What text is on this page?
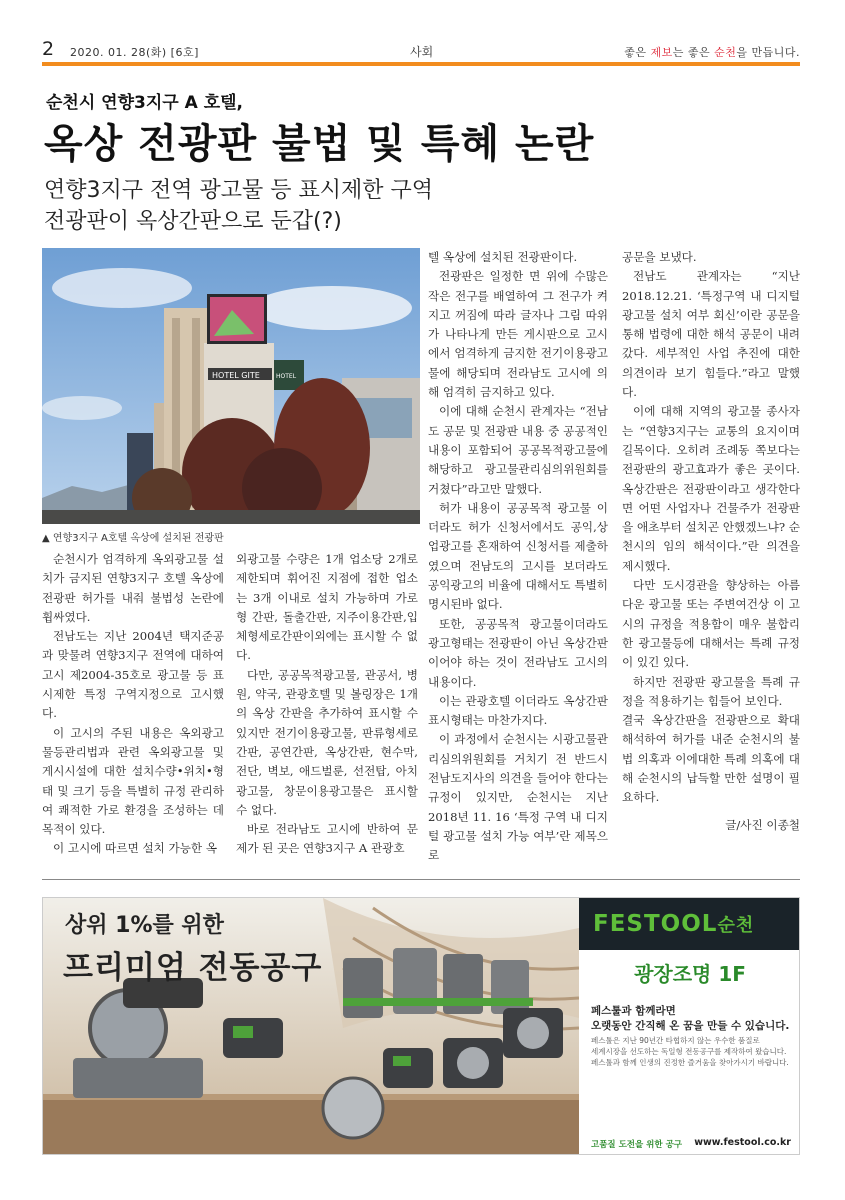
2 2020. 01. 28(화) [6호]	사회	좋은 제보는 좋은 순천을 만듭니다.
순천시 연향3지구 A 호텔,
옥상 전광판 불법 및 특혜 논란
연향3지구 전역 광고물 등 표시제한 구역
전광판이 옥상간판으로 둔갑(?)
HOTEL GITE	HOTEL
▲ 연향3지구 A호텔 옥상에 설치된 전광판

순천시가 엄격하게 옥외광고물 설치가 금지된 연향3지구 호텔 옥상에 전광판 허가를 내줘 불법성 논란에 휩싸였다.

전남도는 지난 2004년 택지준공과 맞물려 연향3지구 전역에 대하여 고시 제2004-35호로 광고물 등 표시제한 특정 구역지정으로 고시했다.

이 고시의 주된 내용은 옥외광고물등관리법과 관련 옥외광고물 및 게시시설에 대한 설치수량•위치•형태 및 크기 등을 특별히 규정 관리하여 쾌적한 가로 환경을 조성하는 데 목적이 있다.

이 고시에 따르면 설치 가능한 옥

외광고물 수량은 1개 업소당 2개로 제한되며 휘어진 지점에 접한 업소는 3개 이내로 설치 가능하며 가로형 간판, 돌출간판, 지주이용간판,입체형세로간판이외에는 표시할 수 없다.

다만, 공공목적광고물, 관공서, 병원, 약국, 관광호텔 및 볼링장은 1개의 옥상 간판을 추가하여 표시할 수 있지만 전기이용광고물, 판류형세로간판, 공연간판, 옥상간판, 현수막, 전단, 벽보, 애드벌룬, 선전탑, 아치 광고물, 창문이용광고물은 표시할 수 없다.

바로 전라남도 고시에 반하여 문제가 된 곳은 연향3지구 A 관광호

텔 옥상에 설치된 전광판이다.

전광판은 일정한 면 위에 수많은 작은 전구를 배열하여 그 전구가 켜지고 꺼짐에 따라 글자나 그림 따위가 나타나게 만든 게시판으로 고시에서 엄격하게 금지한 전기이용광고물에 해당되며 전라남도 고시에 의해 엄격히 금지하고 있다.

이에 대해 순천시 관계자는 “전남도 공문 및 전광판 내용 중 공공적인 내용이 포함되어 공공목적광고물에 해당하고 광고물관리심의위원회를 거쳤다”라고만 말했다.

허가 내용이 공공목적 광고물 이더라도 허가 신청서에서도 공익,상업광고를 혼재하여 신청서를 제출하였으며 전남도의 고시를 보더라도 공익광고의 비율에 대해서도 특별히 명시된바 없다.

또한, 공공목적 광고물이더라도 광고형태는 전광판이 아닌 옥상간판 이어야 하는 것이 전라남도 고시의 내용이다.

이는 관광호텔 이더라도 옥상간판 표시형태는 마찬가지다.

이 과정에서 순천시는 시광고물관리심의위원회를 거치기 전 반드시 전남도지사의 의견을 들어야 한다는 규정이 있지만, 순천시는 지난 2018년 11. 16 ‘특정 구역 내 디지털 광고물 설치 가능 여부’란 제목으로

공문을 보냈다.

전남도 관계자는 “지난 2018.12.21. ‘특정구역 내 디지털광고물 설치 여부 회신’이란 공문을 통해 법령에 대한 해석 공문이 내려갔다. 세부적인 사업 추진에 대한 의견이라 보기 힘들다.”라고 말했다.

이에 대해 지역의 광고물 종사자는 “연향3지구는 교통의 요지이며 길목이다. 오히려 조례동 쪽보다는 전광판의 광고효과가 좋은 곳이다. 옥상간판은 전광판이라고 생각한다면 어떤 사업자나 건물주가 전광판을 애초부터 설치곤 안했겠느냐? 순천시의 임의 해석이다.”란 의견을 제시했다.

다만 도시경관을 향상하는 아름다운 광고물 또는 주변여건상 이 고시의 규정을 적용함이 매우 불합리한 광고물등에 대해서는 특례 규정이 있긴 있다.

하지만 전광판 광고물을 특례 규정을 적용하기는 힘들어 보인다.

결국 옥상간판을 전광판으로 확대 해석하여 허가를 내준 순천시의 불법 의혹과 이에대한 특례 의혹에 대해 순천시의 납득할 만한 설명이 필요하다.

글/사진 이종철

상위 1%를 위한
프리미엄 전동공구
FESTOOL순천
광장조명 1F
페스툴과 함께라면
오랫동안 간직해 온 꿈을 만들 수 있습니다.
페스툴은 지난 90년간 타협하지 않는 우수한 품질로
세계시장을 선도하는 독일형 전동공구를 제작하여 왔습니다.
페스툴과 함께 인생의 진정한 즐거움을 찾아가시기 바랍니다.
고품질 도전을 위한 공구 www.festool.co.kr
